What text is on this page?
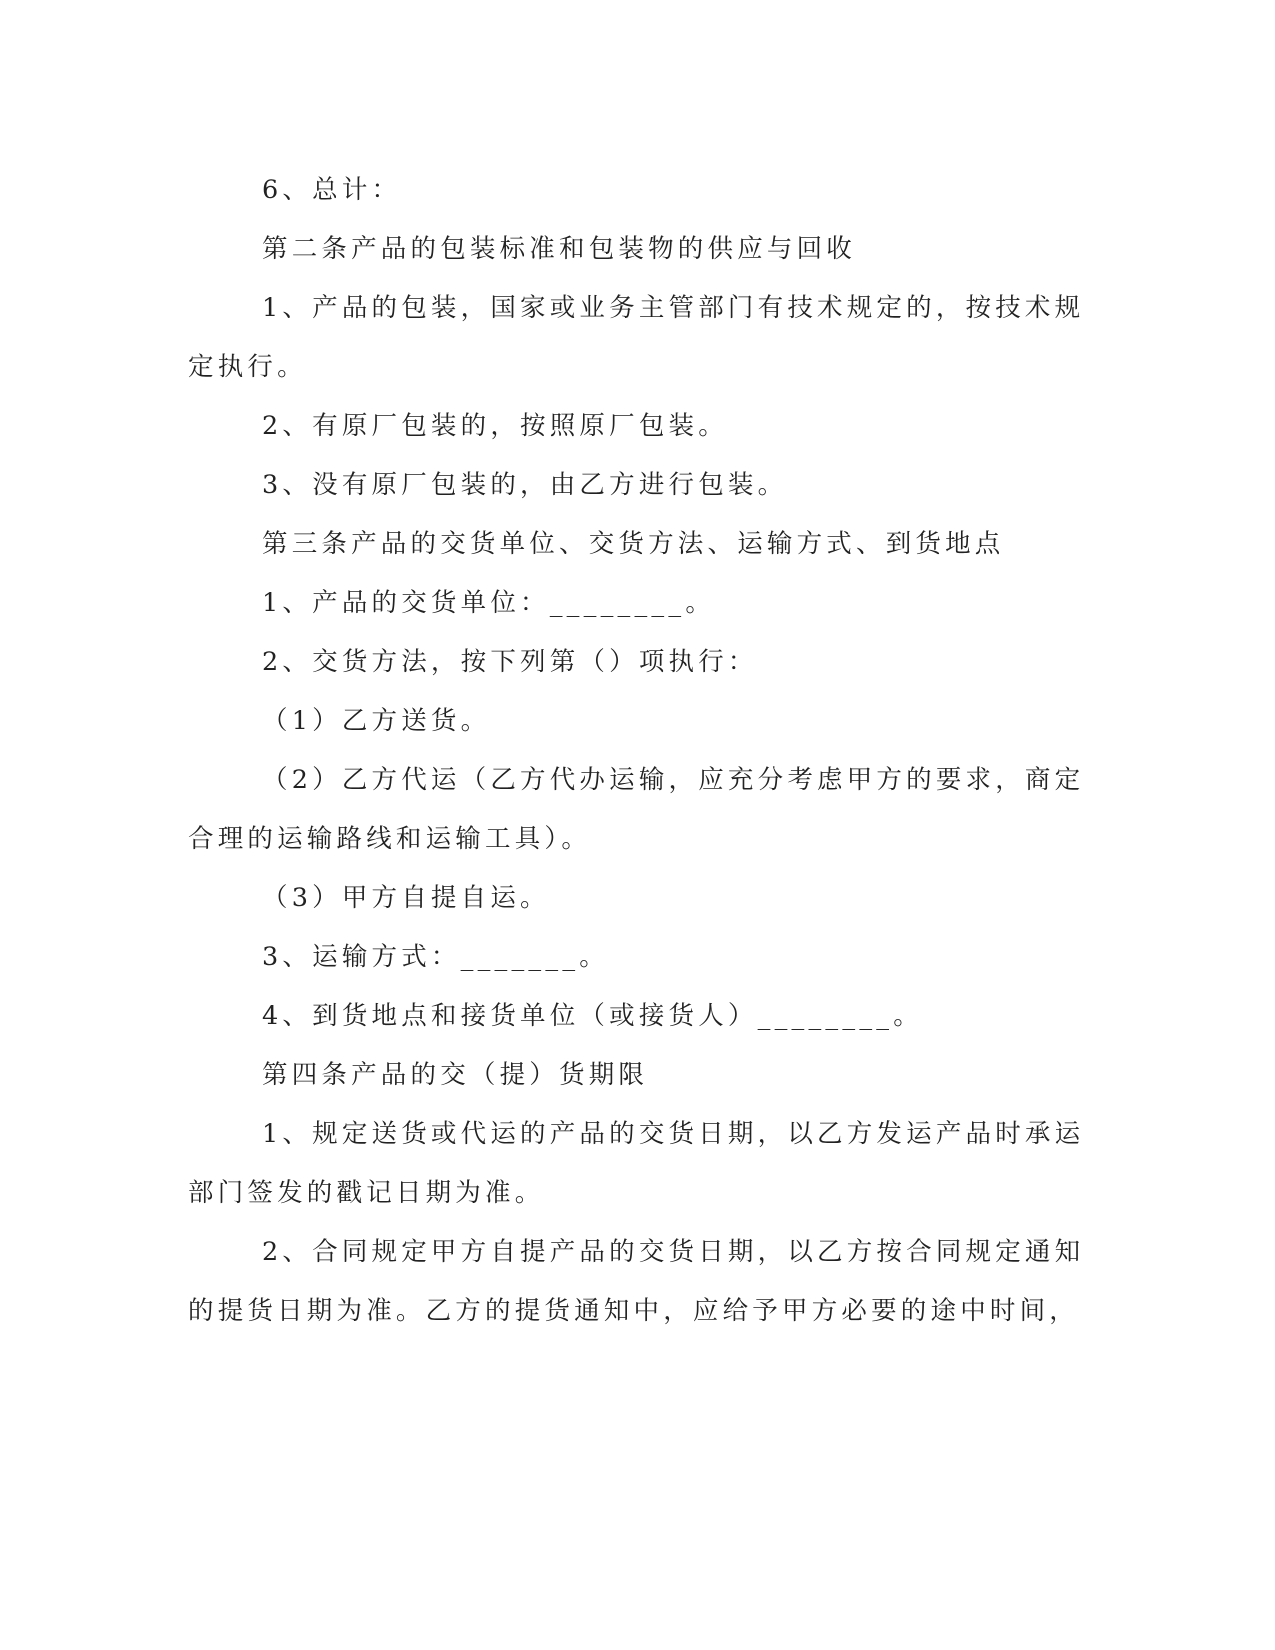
6、总计：
第二条产品的包装标准和包装物的供应与回收
1、产品的包装，国家或业务主管部门有技术规定的，按技术规
定执行。
2、有原厂包装的，按照原厂包装。
3、没有原厂包装的，由乙方进行包装。
第三条产品的交货单位、交货方法、运输方式、到货地点
1、产品的交货单位：________。
2、交货方法，按下列第（）项执行：
（1）乙方送货。
（2）乙方代运（乙方代办运输，应充分考虑甲方的要求，商定
合理的运输路线和运输工具）。
（3）甲方自提自运。
3、运输方式：_______。
4、到货地点和接货单位（或接货人）________。
第四条产品的交（提）货期限
1、规定送货或代运的产品的交货日期，以乙方发运产品时承运
部门签发的戳记日期为准。
2、合同规定甲方自提产品的交货日期，以乙方按合同规定通知
的提货日期为准。乙方的提货通知中，应给予甲方必要的途中时间，
